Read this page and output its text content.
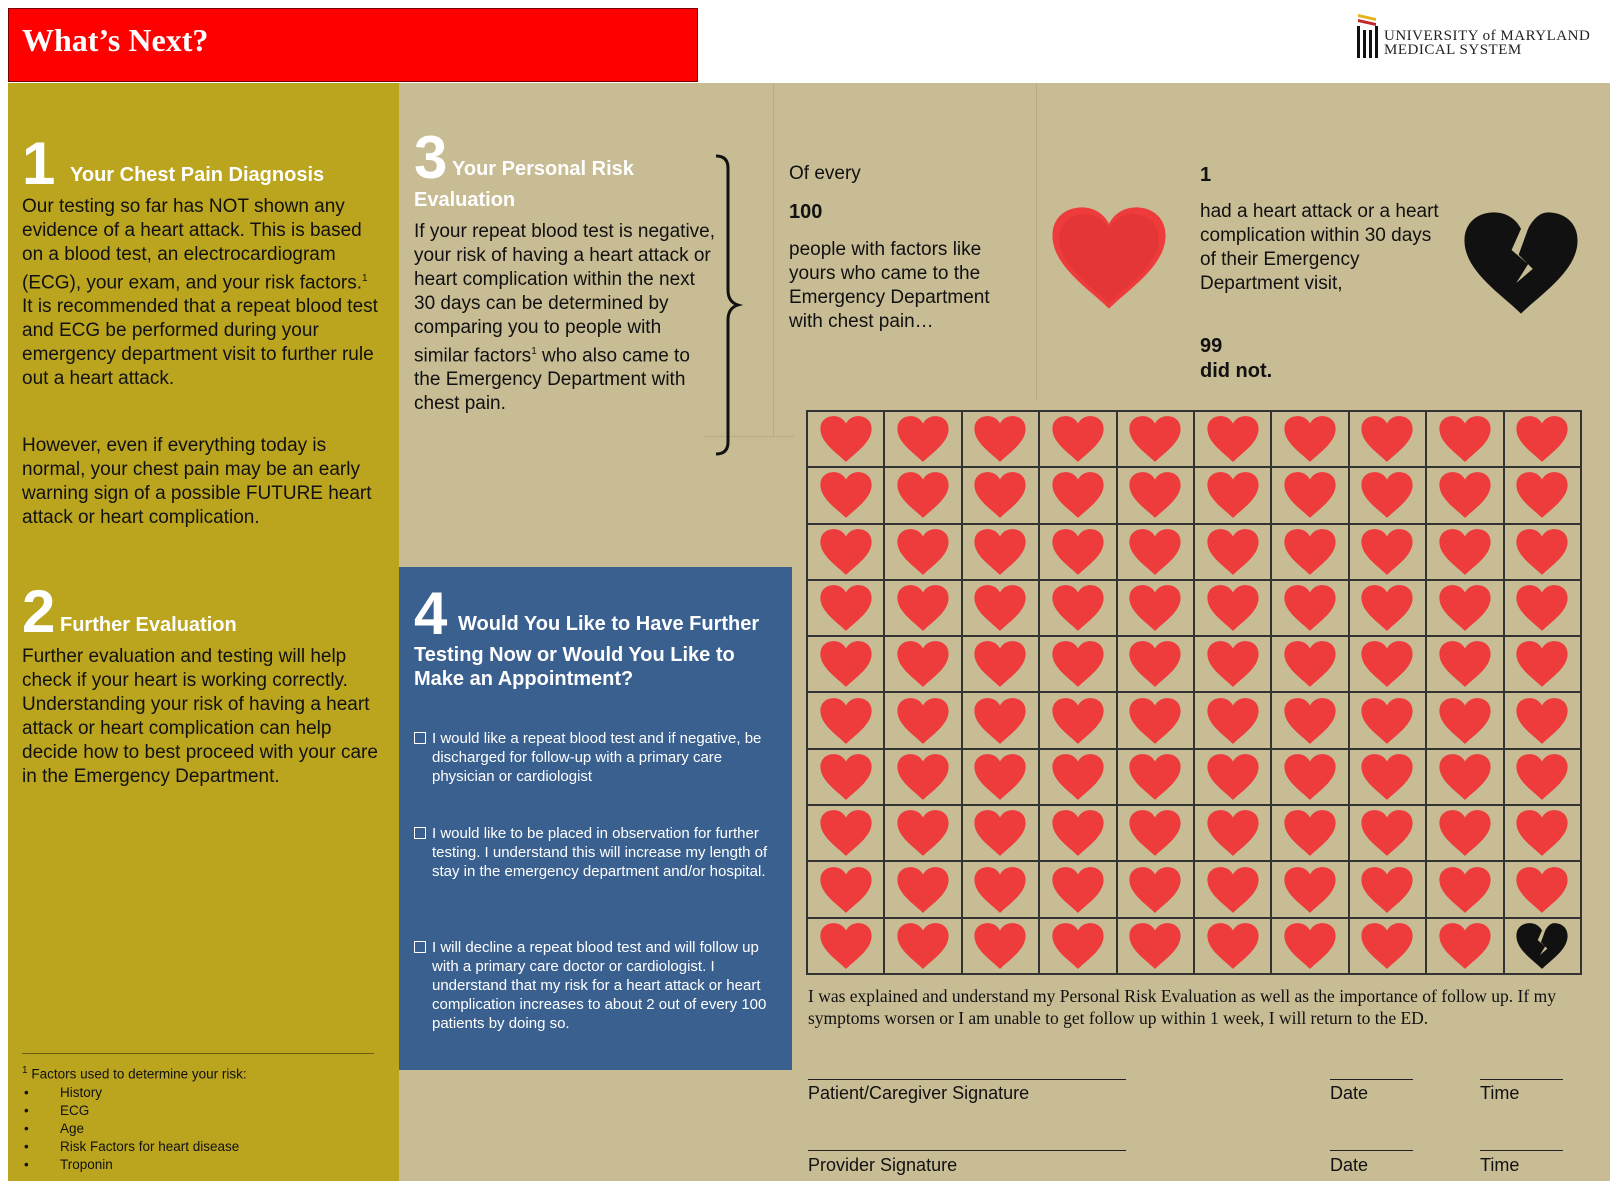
What’s Next?	UNIVERSITY of MARYLAND
MEDICAL SYSTEM
1 Your Chest Pain Diagnosis
Our testing so far has NOT shown any evidence of a heart attack. This is based on a blood test, an electrocardiogram (ECG), your exam, and your risk factors.$^1$ It is recommended that a repeat blood test and ECG be performed during your emergency department visit to further rule out a heart attack.
However, even if everything today is normal, your chest pain may be an early warning sign of a possible FUTURE heart attack or heart complication.
2 Further Evaluation
Further evaluation and testing will help check if your heart is working correctly. Understanding your risk of having a heart attack or heart complication can help decide how to best proceed with your care in the Emergency Department.
$^1$ Factors used to determine your risk:
• History
• ECG
• Age
• Risk Factors for heart disease
• Troponin
3 Your Personal Risk
Evaluation
If your repeat blood test is negative, your risk of having a heart attack or heart complication within the next 30 days can be determined by comparing you to people with similar factors$^1$ who also came to the Emergency Department with chest pain.
Of every
100
people with factors like yours who came to the Emergency Department with chest pain…
1
had a heart attack or a heart complication within 30 days of their Emergency Department visit,
99
did not.
4 Would You Like to Have Further
Testing Now or Would You Like to Make an Appointment?
I would like a repeat blood test and if negative, be discharged for follow-up with a primary care physician or cardiologist
I would like to be placed in observation for further testing. I understand this will increase my length of stay in the emergency department and/or hospital.
I will decline a repeat blood test and will follow up with a primary care doctor or cardiologist. I understand that my risk for a heart attack or heart complication increases to about 2 out of every 100 patients by doing so.
I was explained and understand my Personal Risk Evaluation as well as the importance of follow up. If my symptoms worsen or I am unable to get follow up within 1 week, I will return to the ED.
Patient/Caregiver Signature	Date	Time
Provider Signature	Date	Time
